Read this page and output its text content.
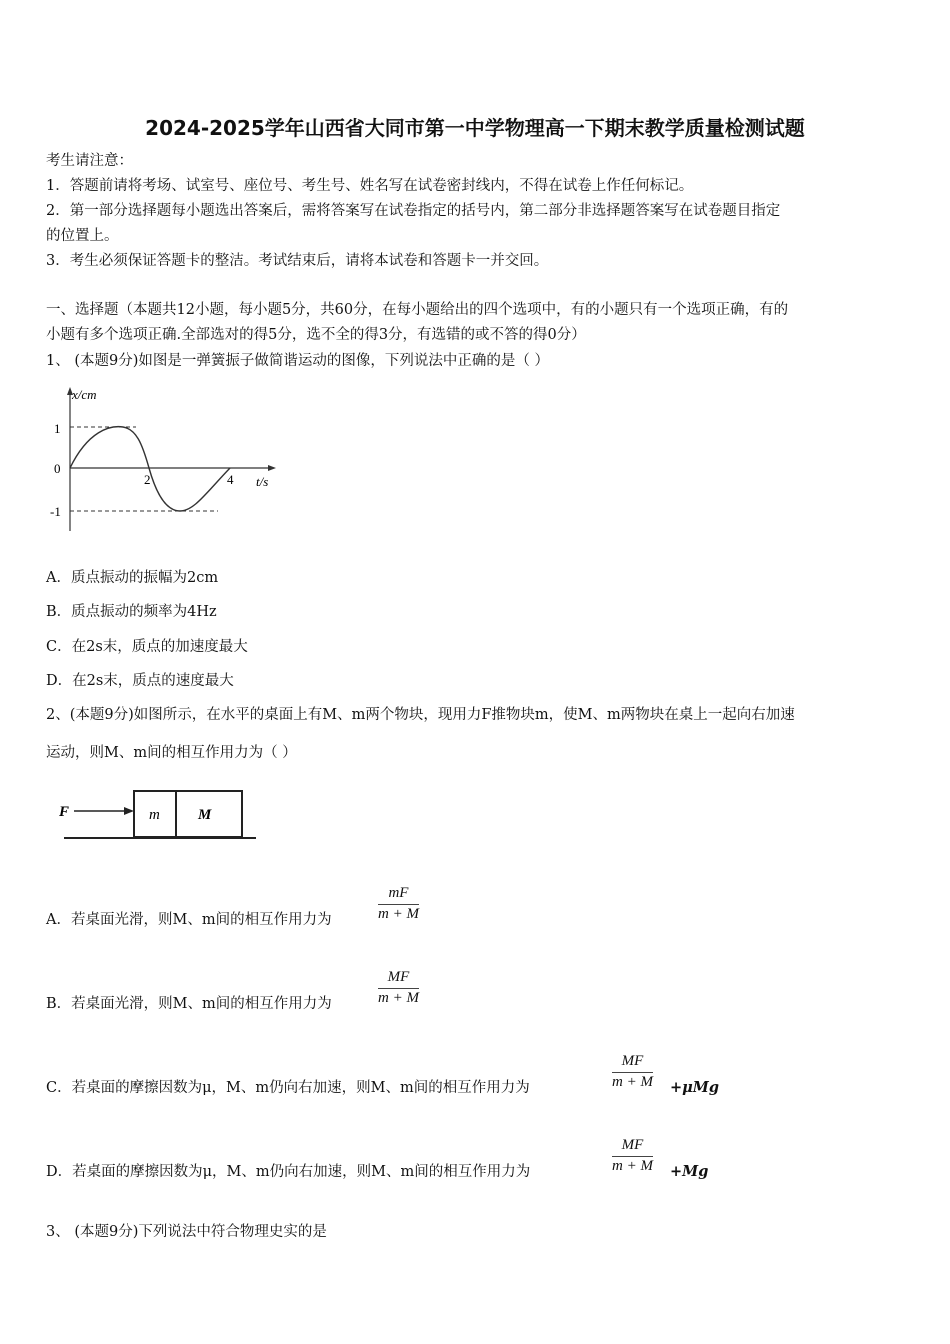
2024-2025学年山西省大同市第一中学物理高一下期末教学质量检测试题
考生请注意：
1．答题前请将考场、试室号、座位号、考生号、姓名写在试卷密封线内，不得在试卷上作任何标记。
2．第一部分选择题每小题选出答案后，需将答案写在试卷指定的括号内，第二部分非选择题答案写在试卷题目指定
的位置上。
3．考生必须保证答题卡的整洁。考试结束后，请将本试卷和答题卡一并交回。
一、选择题（本题共12小题，每小题5分，共60分，在每小题给出的四个选项中，有的小题只有一个选项正确，有的
小题有多个选项正确.全部选对的得5分，选不全的得3分，有选错的或不答的得0分）
1、 (本题9分)如图是一弹簧振子做简谐运动的图像，下列说法中正确的是（ ）
x/cm
1
0
-1
2	4 t/s
A．质点振动的振幅为2cm
B．质点振动的频率为4Hz
C．在2s末，质点的加速度最大
D．在2s末，质点的速度最大
2、(本题9分)如图所示，在水平的桌面上有M、m两个物块，现用力F推物块m，使M、m两物块在桌上一起向右加速
运动，则M、m间的相互作用力为（ ）
F	m	M
A．若桌面光滑，则M、m间的相互作用力为	$\frac{mF}{m + M}$
B．若桌面光滑，则M、m间的相互作用力为	$\frac{MF}{m + M}$
C．若桌面的摩擦因数为μ，M、m仍向右加速，则M、m间的相互作用力为	$\frac{MF}{m + M} +\mu Mg$
D．若桌面的摩擦因数为μ，M、m仍向右加速，则M、m间的相互作用力为	$\frac{MF}{m + M} +Mg$
3、 (本题9分)下列说法中符合物理史实的是
